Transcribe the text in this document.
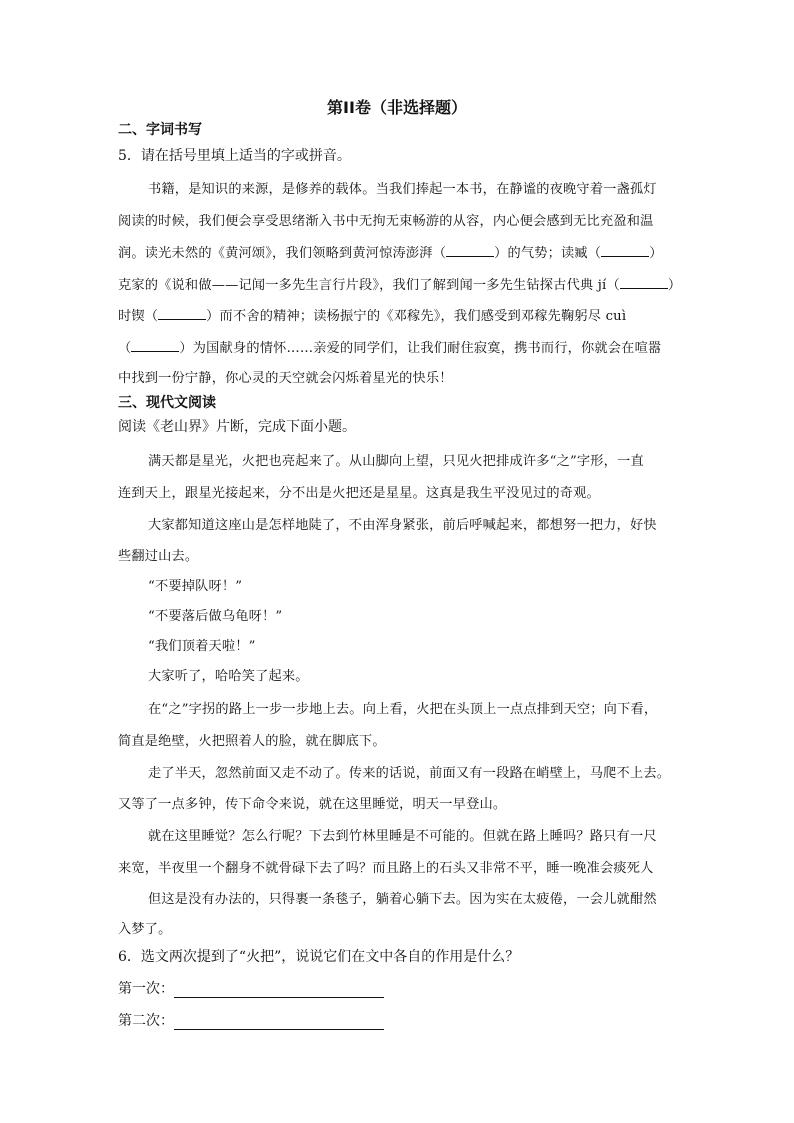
第II卷（非选择题）
二、字词书写
5．请在括号里填上适当的字或拼音。
书籍，是知识的来源，是修养的载体。当我们捧起一本书，在静谧的夜晚守着一盏孤灯
阅读的时候，我们便会享受思绪渐入书中无拘无束畅游的从容，内心便会感到无比充盈和温
润。读光未然的《黄河颂》，我们领略到黄河惊涛澎湃（	）的气势；读臧（	）
克家的《说和做——记闻一多先生言行片段》，我们了解到闻一多先生钻探古代典 jí（	）
时锲（	）而不舍的精神；读杨振宁的《邓稼先》，我们感受到邓稼先鞠躬尽 cuì
（	）为国献身的情怀……亲爱的同学们，让我们耐住寂寞，携书而行，你就会在喧嚣
中找到一份宁静，你心灵的天空就会闪烁着星光的快乐！
三、现代文阅读
阅读《老山界》片断，完成下面小题。
满天都是星光，火把也亮起来了。从山脚向上望，只见火把排成许多“之”字形，一直
连到天上，跟星光接起来，分不出是火把还是星星。这真是我生平没见过的奇观。
大家都知道这座山是怎样地陡了，不由浑身紧张，前后呼喊起来，都想努一把力，好快
些翻过山去。
“不要掉队呀！”
“不要落后做乌龟呀！”
“我们顶着天啦！”
大家听了，哈哈笑了起来。
在“之”字拐的路上一步一步地上去。向上看，火把在头顶上一点点排到天空；向下看，
简直是绝壁，火把照着人的脸，就在脚底下。
走了半天，忽然前面又走不动了。传来的话说，前面又有一段路在峭壁上，马爬不上去。
又等了一点多钟，传下命令来说，就在这里睡觉，明天一早登山。
就在这里睡觉？怎么行呢？下去到竹林里睡是不可能的。但就在路上睡吗？路只有一尺
来宽，半夜里一个翻身不就骨碌下去了吗？而且路上的石头又非常不平，睡一晚准会痰死人
但这是没有办法的，只得裹一条毯子，躺着心躺下去。因为实在太疲倦，一会儿就酣然
入梦了。
6．选文两次提到了“火把”，说说它们在文中各自的作用是什么？
第一次：
第二次：
